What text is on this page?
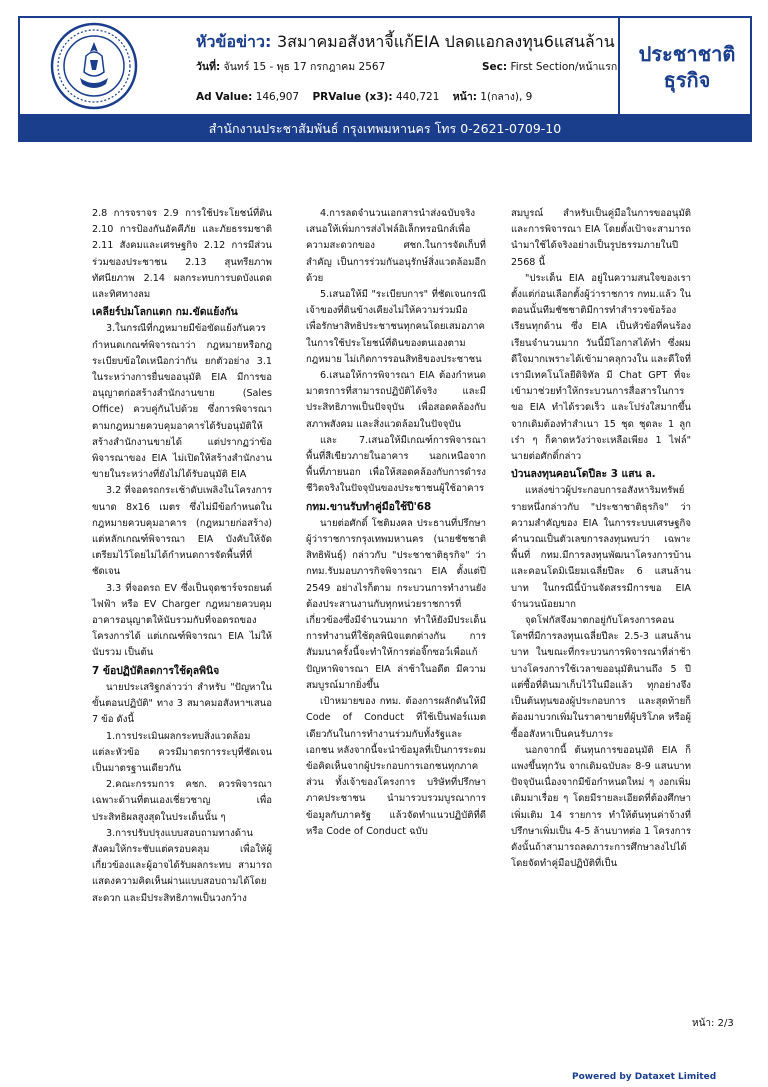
หัวข้อข่าว: 3สมาคมอสังหาจี้แก้EIA ปลดแอกลงทุน6แสนล้าน
วันที่: จันทร์ 15 - พุธ 17 กรกฎาคม 2567	Sec: First Section/หน้าแรก
Ad Value: 146,907 PRValue (x3): 440,721 หน้า: 1(กลาง), 9
ประชาชาติ
ธุรกิจ
สำนักงานประชาสัมพันธ์ กรุงเทพมหานคร โทร 0-2621-0709-10

2.8 การจราจร 2.9 การใช้ประโยชน์ที่ดิน 2.10 การป้องกันอัคคีภัย และภัยธรรมชาติ 2.11 สังคมและเศรษฐกิจ 2.12 การมีส่วนร่วมของประชาชน 2.13 สุนทรียภาพ ทัศนียภาพ 2.14 ผลกระทบการบดบังแดดและทิศทางลม

เคลียร์ปมโลกแตก กม.ขัดแย้งกัน

3.ในกรณีที่กฎหมายมีข้อขัดแย้งกันควรกำหนดเกณฑ์พิจารณาว่า กฎหมายหรือกฎระเบียบข้อใดเหนือกว่ากัน ยกตัวอย่าง 3.1 ในระหว่างการยื่นขออนุมัติ EIA มีการขออนุญาตก่อสร้างสำนักงานขาย (Sales Office) ควบคู่กันไปด้วย ซึ่งการพิจารณาตามกฎหมายควบคุมอาคารได้รับอนุมัติให้สร้างสำนักงานขายได้ แต่ปรากฏว่าข้อพิจารณาของ EIA ไม่เปิดให้สร้างสำนักงานขายในระหว่างที่ยังไม่ได้รับอนุมัติ EIA

3.2 ที่จอดรถกระเช้าดับเพลิงในโครงการ ขนาด 8x16 เมตร ซึ่งไม่มีข้อกำหนดในกฎหมายควบคุมอาคาร (กฎหมายก่อสร้าง) แต่หลักเกณฑ์พิจารณา EIA บังคับให้จัดเตรียมไว้โดยไม่ได้กำหนดการจัดพื้นที่ที่ชัดเจน

3.3 ที่จอดรถ EV ซึ่งเป็นจุดชาร์จรถยนต์ไฟฟ้า หรือ EV Charger กฎหมายควบคุมอาคารอนุญาตให้นับรวมกับที่จอดรถของโครงการได้ แต่เกณฑ์พิจารณา EIA ไม่ให้นับรวม เป็นต้น

7 ข้อปฏิบัติลดการใช้ดุลพินิจ

นายประเสริฐกล่าวว่า สำหรับ "ปัญหาในขั้นตอนปฏิบัติ" ทาง 3 สมาคมอสังหาฯเสนอ 7 ข้อ ดังนี้

1.การประเมินผลกระทบสิ่งแวดล้อมแต่ละหัวข้อ ควรมีมาตรการระบุที่ชัดเจนเป็นมาตรฐานเดียวกัน

2.คณะกรรมการ คชก. ควรพิจารณาเฉพาะด้านที่ตนเองเชี่ยวชาญ เพื่อประสิทธิผลสูงสุดในประเด็นนั้น ๆ

3.การปรับปรุงแบบสอบถามทางด้านสังคมให้กระชับแต่ครอบคลุม เพื่อให้ผู้เกี่ยวข้องและผู้อาจได้รับผลกระทบ สามารถแสดงความคิดเห็นผ่านแบบสอบถามได้โดยสะดวก และมีประสิทธิภาพเป็นวงกว้าง

4.การลดจำนวนเอกสารนำส่งฉบับจริง เสนอให้เพิ่มการส่งไฟล์อิเล็กทรอนิกส์เพื่อความสะดวกของ ศชก.ในการจัดเก็บที่สำคัญ เป็นการร่วมกันอนุรักษ์สิ่งแวดล้อมอีกด้วย

5.เสนอให้มี "ระเบียบการ" ที่ชัดเจนกรณีเจ้าของที่ดินข้างเคียงไม่ให้ความร่วมมือ เพื่อรักษาสิทธิประชาชนทุกคนโดยเสมอภาค ในการใช้ประโยชน์ที่ดินของตนเองตามกฎหมาย ไม่เกิดการรอนสิทธิของประชาชน

6.เสนอให้การพิจารณา EIA ต้องกำหนดมาตรการที่สามารถปฏิบัติได้จริง และมีประสิทธิภาพเป็นปัจจุบัน เพื่อสอดคล้องกับสภาพสังคม และสิ่งแวดล้อมในปัจจุบัน

และ 7.เสนอให้มีเกณฑ์การพิจารณาพื้นที่สีเขียวภายในอาคาร นอกเหนือจากพื้นที่ภายนอก เพื่อให้สอดคล้องกับการดำรงชีวิตจริงในปัจจุบันของประชาชนผู้ใช้อาคาร

กทม.ขานรับทำคู่มือใช้ปี'68

นายต่อศักดิ์ โชติมงคล ประธานที่ปรึกษาผู้ว่าราชการกรุงเทพมหานคร (นายชัชชาติ สิทธิพันธุ์) กล่าวกับ "ประชาชาติธุรกิจ" ว่า กทม.รับมอบภารกิจพิจารณา EIA ตั้งแต่ปี 2549 อย่างไรก็ตาม กระบวนการทำงานยังต้องประสานงานกับทุกหน่วยราชการที่เกี่ยวข้องซึ่งมีจำนวนมาก ทำให้ยังมีประเด็นการทำงานที่ใช้ดุลพินิจแตกต่างกัน การสัมมนาครั้งนี้จะทำให้การต่อจิ๊กซอว์เพื่อแก้ปัญหาพิจารณา EIA ล่าช้าในอดีต มีความสมบูรณ์มากยิ่งขึ้น

เป้าหมายของ กทม. ต้องการผลักดันให้มี Code of Conduct ที่ใช้เป็นฟอร์แมตเดียวกันในการทำงานร่วมกับทั้งรัฐและเอกชน หลังจากนี้จะนำข้อมูลที่เป็นการระดมข้อคิดเห็นจากผู้ประกอบการเอกชนทุกภาคส่วน ทั้งเจ้าของโครงการ บริษัทที่ปรึกษา ภาคประชาชน นำมารวบรวมบูรณาการข้อมูลกับภาครัฐ แล้วจัดทำแนวปฏิบัติที่ดี หรือ Code of Conduct ฉบับ

สมบูรณ์ สำหรับเป็นคู่มือในการขออนุมัติและการพิจารณา EIA โดยตั้งเป้าจะสามารถนำมาใช้ได้จริงอย่างเป็นรูปธรรมภายในปี 2568 นี้

"ประเด็น EIA อยู่ในความสนใจของเราตั้งแต่ก่อนเลือกตั้งผู้ว่าราชการ กทม.แล้ว ในตอนนั้นทีมชัชชาติมีการทำสำรวจข้อร้องเรียนทุกด้าน ซึ่ง EIA เป็นหัวข้อที่คนร้องเรียนจำนวนมาก วันนี้มีโอกาสได้ทำ ซึ่งผมดีใจมากเพราะได้เข้ามาคลุกวงใน และดีใจที่เรามีเทคโนโลยีดิจิทัล มี Chat GPT ที่จะเข้ามาช่วยทำให้กระบวนการสื่อสารในการขอ EIA ทำได้รวดเร็ว และโปร่งใสมากขึ้น จากเดิมต้องทำสำเนา 15 ชุด ชุดละ 1 ลูกเร๋า ๆ ก็คาดหวังว่าจะเหลือเพียง 1 ไฟล์" นายต่อศักดิ์กล่าว

ป่วนลงทุนคอนโดปีละ 3 แสน ล.

แหล่งข่าวผู้ประกอบการอสังหาริมทรัพย์รายหนึ่งกล่าวกับ "ประชาชาติธุรกิจ" ว่า ความสำคัญของ EIA ในการระบบเศรษฐกิจ คำนวณเป็นตัวเลขการลงทุนพบว่า เฉพาะพื้นที่ กทม.มีการลงทุนพัฒนาโครงการบ้านและคอนโดมิเนียมเฉลี่ยปีละ 6 แสนล้านบาท ในกรณีนี้บ้านจัดสรรมีการขอ EIA จำนวนน้อยมาก

จุดโฟกัสจึงมาตกอยู่กับโครงการคอนโดฯที่มีการลงทุนเฉลี่ยปีละ 2.5-3 แสนล้านบาท ในขณะที่กระบวนการพิจารณาที่ล่าช้า บางโครงการใช้เวลาขออนุมัตินานถึง 5 ปี แต่ซื้อที่ดินมาเก็บไว้ในมือแล้ว ทุกอย่างจึงเป็นต้นทุนของผู้ประกอบการ และสุดท้ายก็ต้องมาบวกเพิ่มในราคาขายที่ผู้บริโภค หรือผู้ซื้ออสังหาเป็นคนรับภาระ

นอกจากนี้ ต้นทุนการขออนุมัติ EIA ก็แพงขึ้นทุกวัน จากเดิมฉบับละ 8-9 แสนบาท ปัจจุบันเนื่องจากมีข้อกำหนดใหม่ ๆ งอกเพิ่มเติมมาเรื่อย ๆ โดยมีรายละเอียดที่ต้องศึกษาเพิ่มเติม 14 รายการ ทำให้ต้นทุนค่าจ้างที่ปรึกษาเพิ่มเป็น 4-5 ล้านบาทต่อ 1 โครงการ ดังนั้นถ้าสามารถลดภาระการศึกษาลงไปได้ โดยจัดทำคู่มือปฏิบัติที่เป็น

หน้า: 2/3
Powered by Dataxet Limited
